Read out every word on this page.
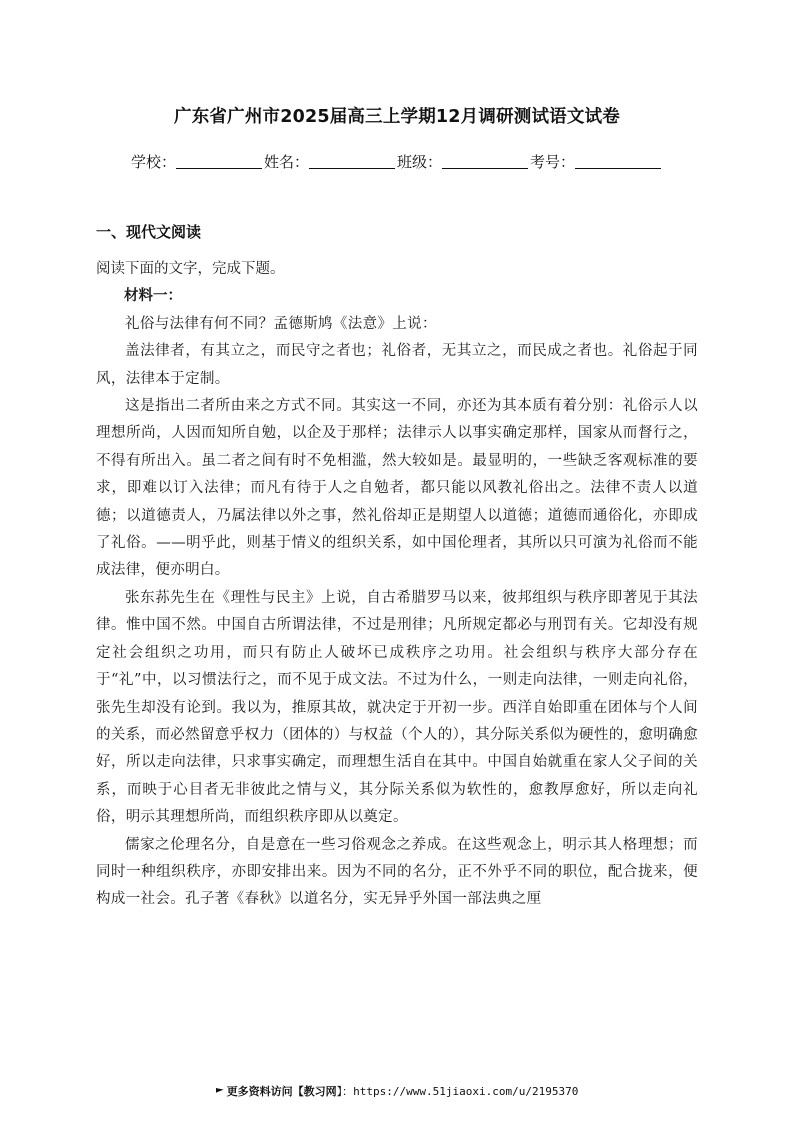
广东省广州市2025届高三上学期12月调研测试语文试卷
学校：	姓名：	班级：	考号：
一、现代文阅读

阅读下面的文字，完成下题。

材料一：

礼俗与法律有何不同？孟德斯鸠《法意》上说：

盖法律者，有其立之，而民守之者也；礼俗者，无其立之，而民成之者也。礼俗起于同风，法律本于定制。

这是指出二者所由来之方式不同。其实这一不同，亦还为其本质有着分别：礼俗示人以理想所尚，人因而知所自勉，以企及于那样；法律示人以事实确定那样，国家从而督行之，不得有所出入。虽二者之间有时不免相滥，然大较如是。最显明的，一些缺乏客观标准的要求，即难以订入法律；而凡有待于人之自勉者，都只能以风教礼俗出之。法律不责人以道德；以道德责人，乃属法律以外之事，然礼俗却正是期望人以道德；道德而通俗化，亦即成了礼俗。——明乎此，则基于情义的组织关系，如中国伦理者，其所以只可演为礼俗而不能成法律，便亦明白。

张东荪先生在《理性与民主》上说，自古希腊罗马以来，彼邦组织与秩序即著见于其法律。惟中国不然。中国自古所谓法律，不过是刑律；凡所规定都必与刑罚有关。它却没有规定社会组织之功用，而只有防止人破坏已成秩序之功用。社会组织与秩序大部分存在于“礼”中，以习惯法行之，而不见于成文法。不过为什么，一则走向法律，一则走向礼俗，张先生却没有论到。我以为，推原其故，就决定于开初一步。西洋自始即重在团体与个人间的关系，而必然留意乎权力（团体的）与权益（个人的），其分际关系似为硬性的，愈明确愈好，所以走向法律，只求事实确定，而理想生活自在其中。中国自始就重在家人父子间的关系，而映于心目者无非彼此之情与义，其分际关系似为软性的，愈教厚愈好，所以走向礼俗，明示其理想所尚，而组织秩序即从以奠定。

儒家之伦理名分，自是意在一些习俗观念之养成。在这些观念上，明示其人格理想；而同时一种组织秩序，亦即安排出来。因为不同的名分，正不外乎不同的职位，配合拢来，便构成一社会。孔子著《春秋》以道名分，实无异乎外国一部法典之厘

更多资料访问【教习网】：https://www.51jiaoxi.com/u/2195370
